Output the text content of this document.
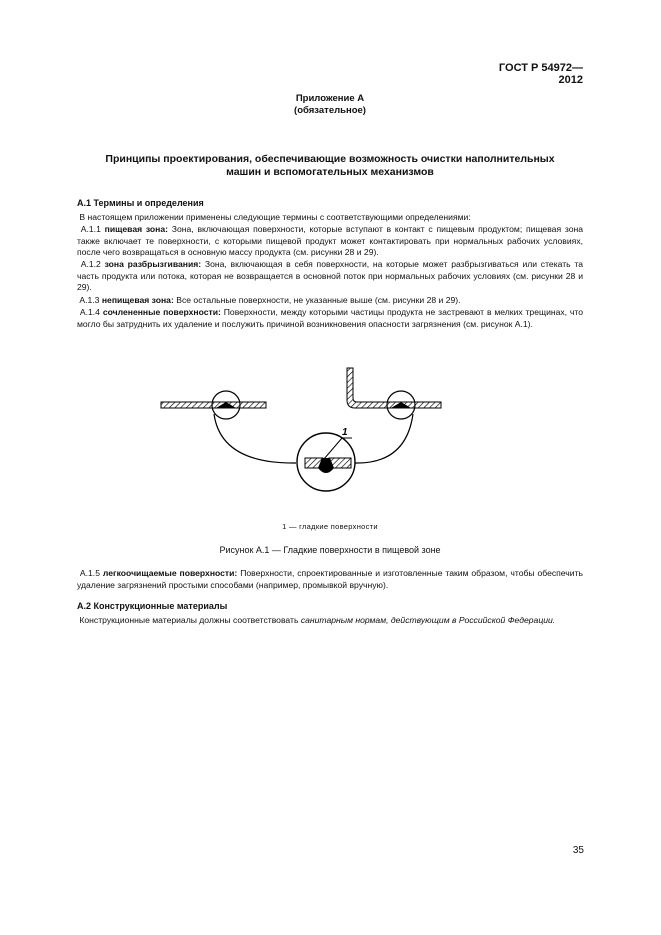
ГОСТ Р 54972—2012
Приложение А
(обязательное)
Принципы проектирования, обеспечивающие возможность очистки наполнительных
машин и вспомогательных механизмов
А.1 Термины и определения

В настоящем приложении применены следующие термины с соответствующими определениями:

А.1.1 пищевая зона: Зона, включающая поверхности, которые вступают в контакт с пищевым продуктом; пищевая зона также включает те поверхности, с которыми пищевой продукт может контактировать при нормальных рабочих условиях, после чего возвращаться в основную массу продукта (см. рисунки 28 и 29).

А.1.2 зона разбрызгивания: Зона, включающая в себя поверхности, на которые может разбрызгиваться или стекать та часть продукта или потока, которая не возвращается в основной поток при нормальных рабочих условиях (см. рисунки 28 и 29).

А.1.3 непищевая зона: Все остальные поверхности, не указанные выше (см. рисунки 28 и 29).

А.1.4 сочлененные поверхности: Поверхности, между которыми частицы продукта не застревают в мелких трещинах, что могло бы затруднить их удаление и послужить причиной возникновения опасности загрязнения (см. рисунок А.1).

1
1 — гладкие поверхности
Рисунок А.1 — Гладкие поверхности в пищевой зоне

А.1.5 легкоочищаемые поверхности: Поверхности, спроектированные и изготовленные таким образом, чтобы обеспечить удаление загрязнений простыми способами (например, промывкой вручную).

А.2 Конструкционные материалы

Конструкционные материалы должны соответствовать санитарным нормам, действующим в Российской Федерации.

35
